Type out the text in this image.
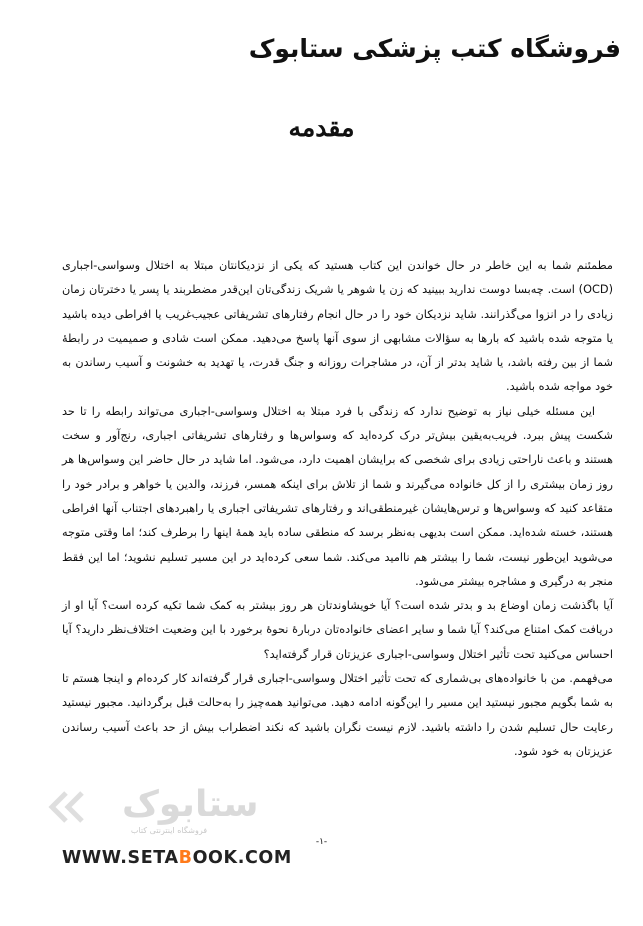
فروشگاه کتب پزشکی ستابوک
مقدمه

مطمئنم شما به این خاطر در حال خواندن این کتاب هستید که یکی از نزدیکانتان مبتلا به اختلال وسواسی-اجباری (OCD) است. چه‌بسا دوست ندارید ببینید که زن یا شوهر یا شریک زندگی‌تان این‌قدر مضطربند یا پسر یا دخترتان زمان زیادی را در انزوا می‌گذرانند. شاید نزدیکان خود را در حال انجام رفتارهای تشریفاتی عجیب‌غریب یا افراطی دیده باشید یا متوجه شده باشید که بارها به سؤالات مشابهی از سوی آنها پاسخ می‌دهید. ممکن است شادی و صمیمیت در رابطهٔ شما از بین رفته باشد، یا شاید بدتر از آن، در مشاجرات روزانه و جنگ قدرت، یا تهدید به خشونت و آسیب رساندن به خود مواجه شده باشید.

این مسئله خیلی نیاز به توضیح ندارد که زندگی با فرد مبتلا به اختلال وسواسی-اجباری می‌تواند رابطه را تا حد شکست پیش ببرد. فریب‌به‌یقین بیش‌تر درک کرده‌اید که وسواس‌ها و رفتارهای تشریفاتی اجباری، رنج‌آور و سخت هستند و باعث ناراحتی زیادی برای شخصی که برایشان اهمیت دارد، می‌شود. اما شاید در حال حاضر این وسواس‌ها هر روز زمان بیشتری را از کل خانواده می‌گیرند و شما از تلاش برای اینکه همسر، فرزند، والدین یا خواهر و برادر خود را متقاعد کنید که وسواس‌ها و ترس‌هایشان غیرمنطقی‌اند و رفتارهای تشریفاتی اجباری یا راهبردهای اجتناب آنها افراطی هستند، خسته شده‌اید. ممکن است بدیهی به‌نظر برسد که منطقی ساده باید همهٔ اینها را برطرف کند؛ اما وقتی متوجه می‌شوید این‌طور نیست، شما را بیشتر هم ناامید می‌کند. شما سعی کرده‌اید در این مسیر تسلیم نشوید؛ اما این فقط منجر به درگیری و مشاجره بیشتر می‌شود.

آیا باگذشت زمان اوضاع بد و بدتر شده است؟ آیا خویشاوندتان هر روز بیشتر به کمک شما تکیه کرده است؟ آیا او از دریافت کمک امتناع می‌کند؟ آیا شما و سایر اعضای خانواده‌تان دربارهٔ نحوهٔ برخورد با این وضعیت اختلاف‌نظر دارید؟ آیا احساس می‌کنید تحت تأثیر اختلال وسواسی-اجباری عزیزتان قرار گرفته‌اید؟

می‌فهمم. من با خانواده‌های بی‌شماری که تحت تأثیر اختلال وسواسی-اجباری قرار گرفته‌اند کار کرده‌ام و اینجا هستم تا به شما بگویم مجبور نیستید این مسیر را این‌گونه ادامه دهید. می‌توانید همه‌چیز را به‌حالت قبل برگردانید. مجبور نیستید رعایت حال تسلیم شدن را داشته باشید. لازم نیست نگران باشید که نکند اضطراب بیش از حد باعث آسیب رساندن عزیزتان به خود شود.

-۱-
ستابوک
فروشگاه اینترنتی کتاب
WWW.SETABOOK.COM
